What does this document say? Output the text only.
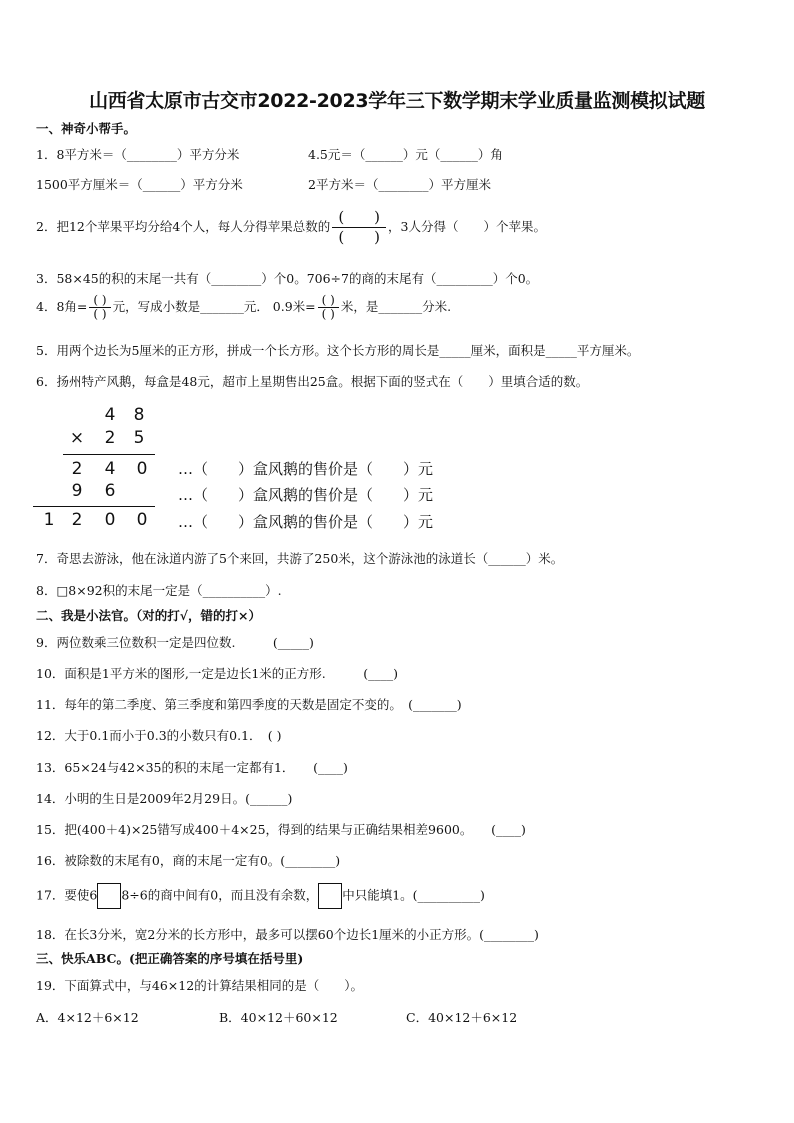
山西省太原市古交市2022-2023学年三下数学期末学业质量监测模拟试题
一、神奇小帮手。
1．8平方米＝（________）平方分米	4.5元＝（______）元（______）角
1500平方厘米＝（______）平方分米	2平方米＝（________）平方厘米
2．把12个苹果平均分给4个人，每人分得苹果总数的 $\frac{( )}{( )}$ ，3人分得（　　）个苹果。
3．58×45的积的末尾一共有（________）个0。706÷7的商的末尾有（_________）个0。
4．8角= $\frac{( )}{( )}$ 元，写成小数是_______元． 0.9米= $\frac{( )}{( )}$ 米，是_______分米.
5．用两个边长为5厘米的正方形，拼成一个长方形。这个长方形的周长是_____厘米，面积是_____平方厘米。
6．扬州特产风鹅，每盒是48元，超市上星期售出25盒。根据下面的竖式在（　　）里填合适的数。
4	8
×	2	5
2	4	0
9	6
1	2	0	0
…（　　）盒风鹅的售价是（　　）元
…（　　）盒风鹅的售价是（　　）元
…（　　）盒风鹅的售价是（　　）元
7．奇思去游泳，他在泳道内游了5个来回，共游了250米，这个游泳池的泳道长（______）米。
8．□8×92积的末尾一定是（__________）.
二、我是小法官。（对的打√，错的打×）
9．两位数乘三位数积一定是四位数.　　　(_____)
10．面积是1平方米的图形,一定是边长1米的正方形.　　　(____)
11．每年的第二季度、第三季度和第四季度的天数是固定不变的。　(_______)
12．大于0.1而小于0.3的小数只有0.1．　( )
13．65×24与42×35的积的末尾一定都有1．　　(____)
14．小明的生日是2009年2月29日。(______)
15．把(400＋4)×25错写成400＋4×25，得到的结果与正确结果相差9600。　　(____)
16．被除数的末尾有0，商的末尾一定有0。(________)
17．要使6 8÷6的商中间有0，而且没有余数， 中只能填1。(__________)
18．在长3分米，宽2分米的长方形中，最多可以摆60个边长1厘米的小正方形。(________)
三、快乐ABC。(把正确答案的序号填在括号里)
19．下面算式中，与46×12的计算结果相同的是（　　）。
A．4×12＋6×12	B．40×12＋60×12	C．40×12＋6×12
